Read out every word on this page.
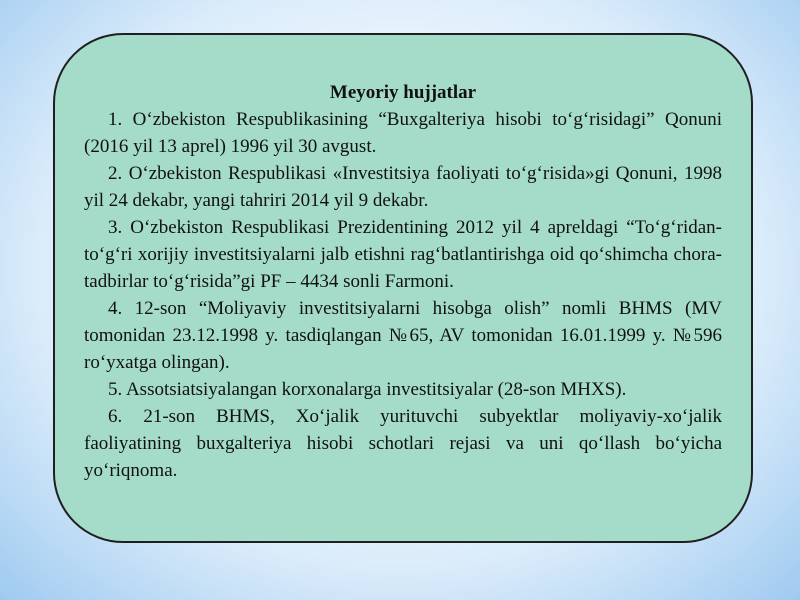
Meyoriy hujjatlar

1. O‘zbekiston Respublikasining “Buxgalteriya hisobi to‘g‘risidagi” Qonuni (2016 yil 13 aprel) 1996 yil 30 avgust.

2. O‘zbekiston Respublikasi «Investitsiya faoliyati to‘g‘risida»gi Qonuni, 1998 yil 24 dekabr, yangi tahriri 2014 yil 9 dekabr.

3. O‘zbekiston Respublikasi Prezidentining 2012 yil 4 apreldagi “To‘g‘ridan-to‘g‘ri xorijiy investitsiyalarni jalb etishni rag‘batlantirishga oid qo‘shimcha chora-tadbirlar to‘g‘risida”gi PF – 4434 sonli Farmoni.

4. 12-son “Moliyaviy investitsiyalarni hisobga olish” nomli BHMS (MV tomonidan 23.12.1998 y. tasdiqlangan №65, AV tomonidan 16.01.1999 y. №596 ro‘yxatga olingan).

5. Assotsiatsiyalangan korxonalarga investitsiyalar (28-son MHXS).

6. 21-son BHMS, Xo‘jalik yurituvchi subyektlar moliyaviy-xo‘jalik faoliyatining buxgalteriya hisobi schotlari rejasi va uni qo‘llash bo‘yicha yo‘riqnoma.
